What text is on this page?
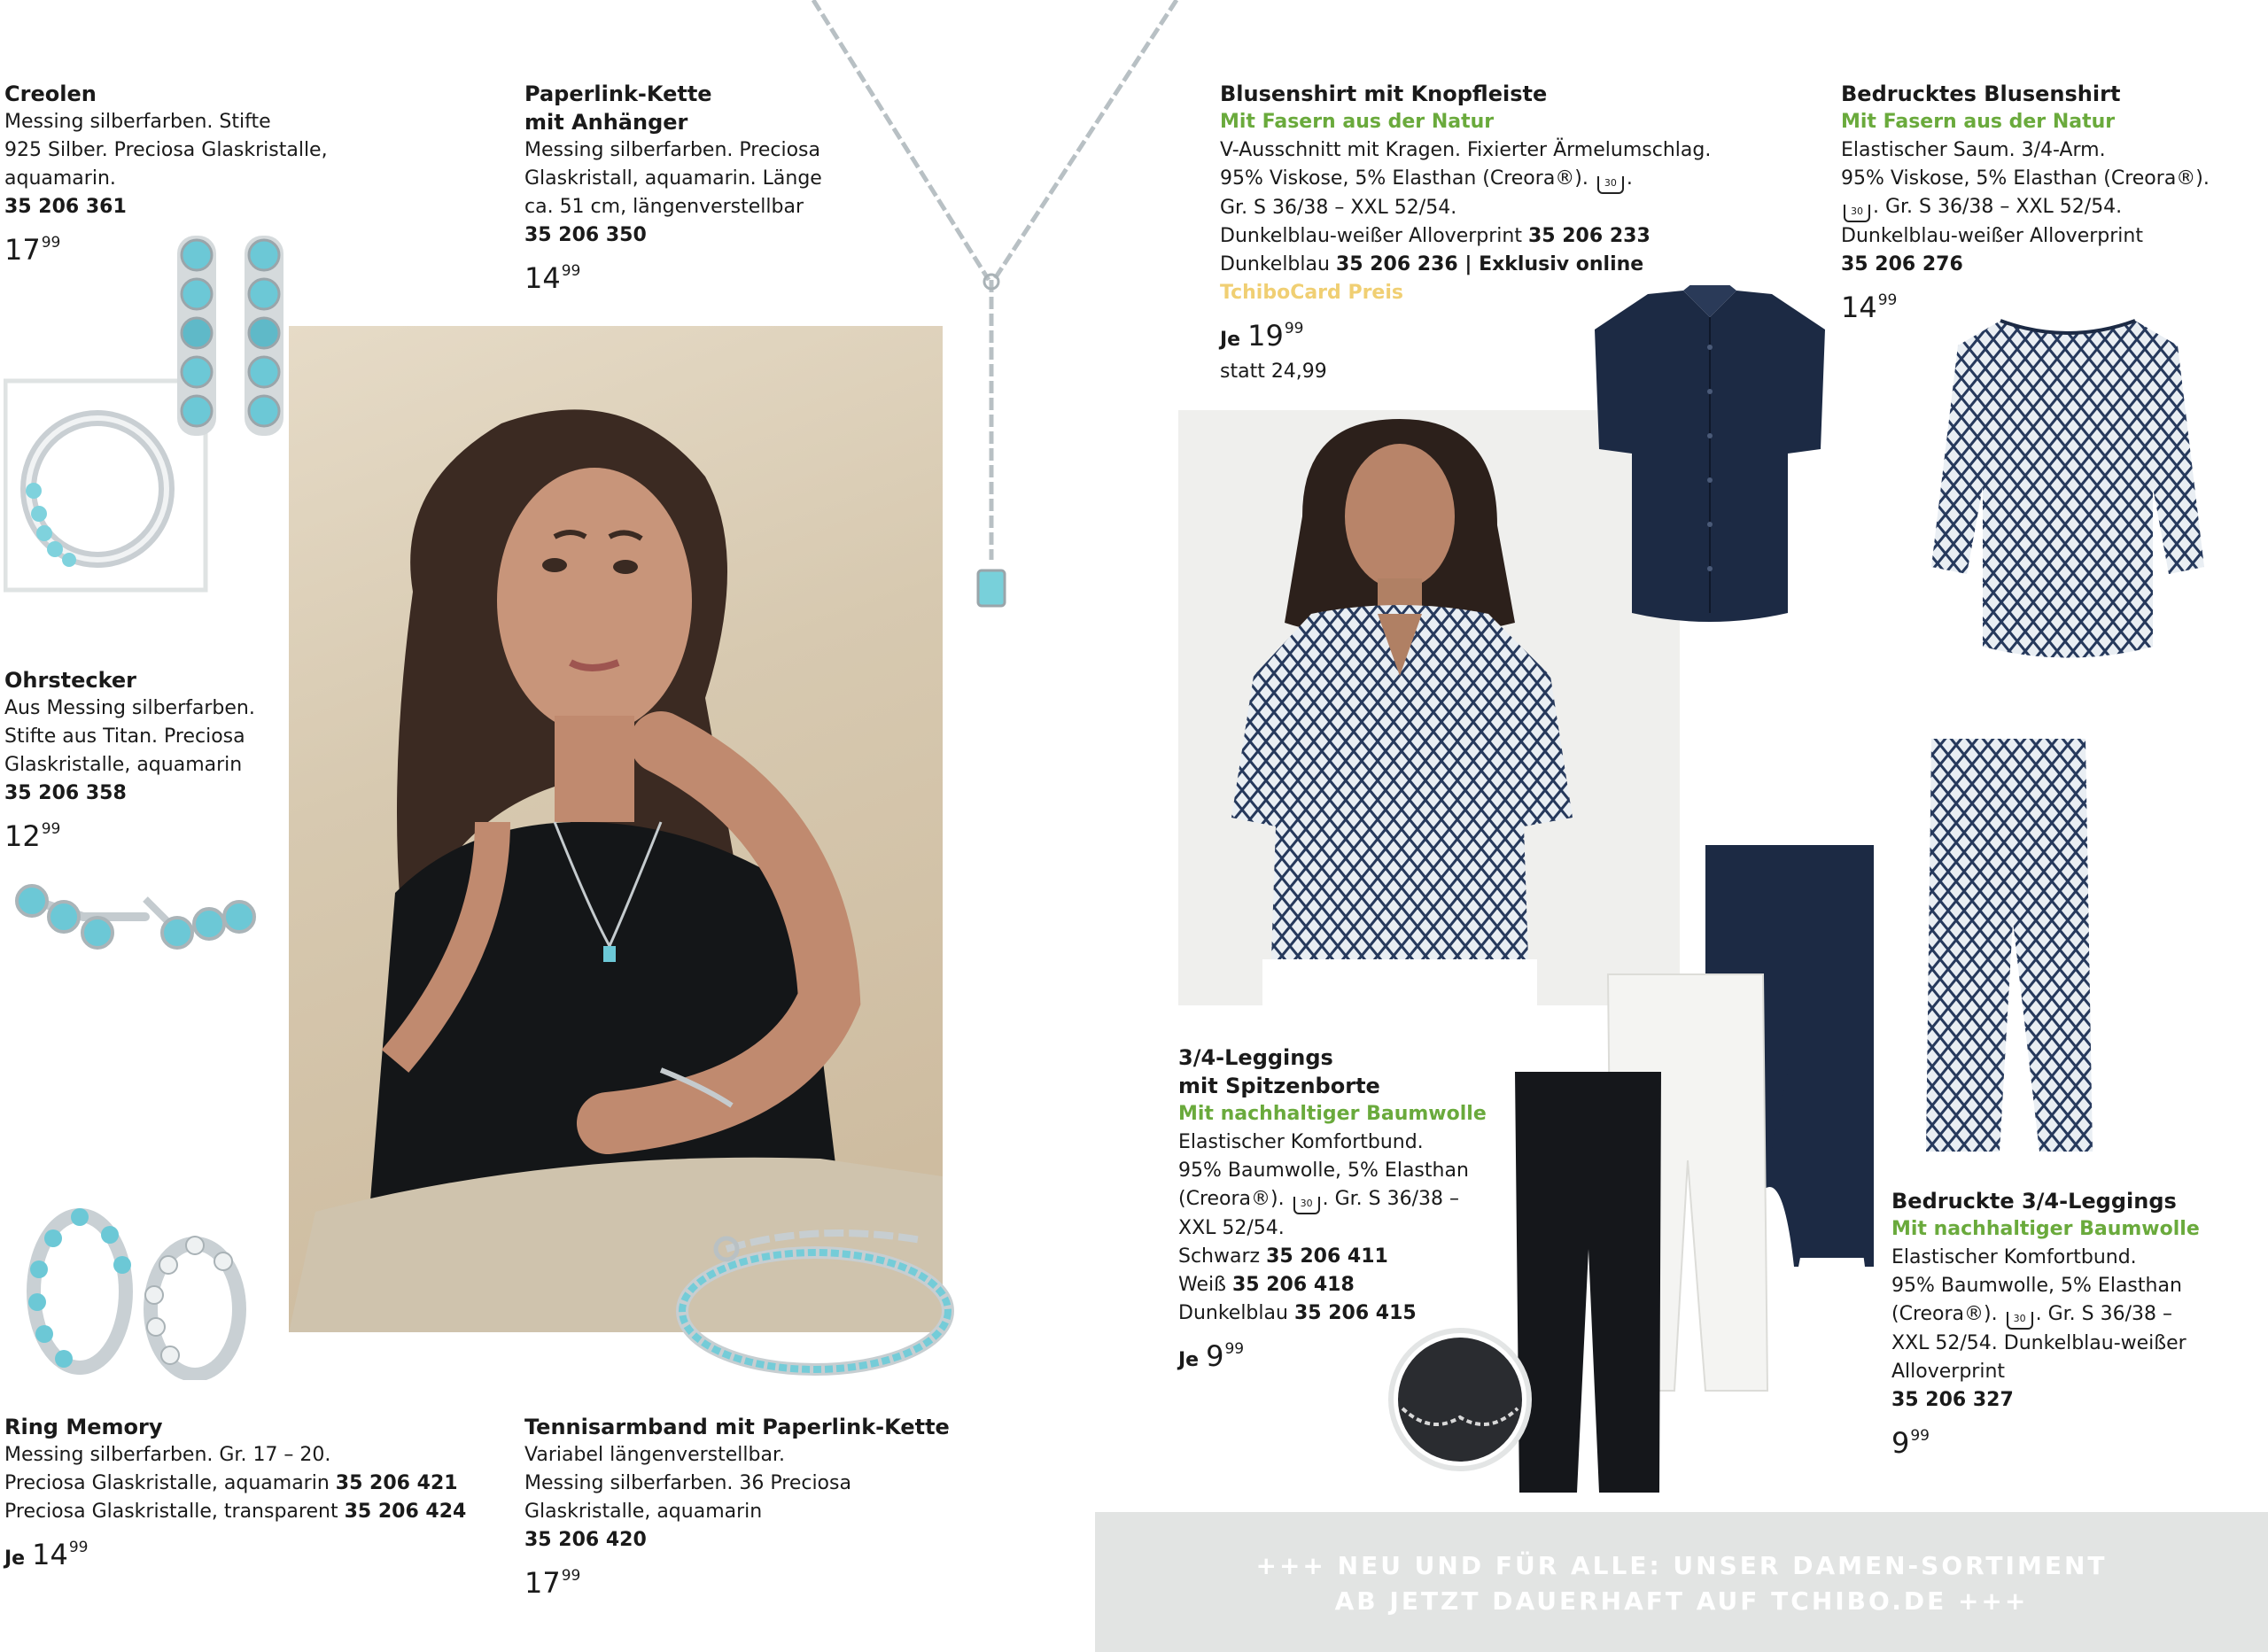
Creolen
Messing silberfarben. Stifte
925 Silber. Preciosa Glaskristalle,
aquamarin.
35 206 361
$17^{99}$
Ohrstecker
Aus Messing silberfarben.
Stifte aus Titan. Preciosa
Glaskristalle, aquamarin
35 206 358
$12^{99}$
Ring Memory
Messing silberfarben. Gr. 17 – 20.
Preciosa Glaskristalle, aquamarin 35 206 421
Preciosa Glaskristalle, transparent 35 206 424
Je $14^{99}$
Paperlink-Kette
mit Anhänger
Messing silberfarben. Preciosa
Glaskristall, aquamarin. Länge
ca. 51 cm, längenverstellbar
35 206 350
$14^{99}$
Tennisarmband mit Paperlink-Kette
Variabel längenverstellbar.
Messing silberfarben. 36 Preciosa
Glaskristalle, aquamarin
35 206 420
$17^{99}$
Blusenshirt mit Knopfleiste
Mit Fasern aus der Natur
V-Ausschnitt mit Kragen. Fixierter Ärmelumschlag.
95% Viskose, 5% Elasthan (Creora®). 30 .
Gr. S 36/38 – XXL 52/54.
Dunkelblau-weißer Alloverprint 35 206 233
Dunkelblau 35 206 236 | Exklusiv online
TchiboCard Preis
Je $19^{99}$
statt 24,99
Bedrucktes Blusenshirt
Mit Fasern aus der Natur
Elastischer Saum. 3/4-Arm.
95% Viskose, 5% Elasthan (Creora®).
30 . Gr. S 36/38 – XXL 52/54.
Dunkelblau-weißer Alloverprint
35 206 276
$14^{99}$
3/4-Leggings
mit Spitzenborte
Mit nachhaltiger Baumwolle
Elastischer Komfortbund.
95% Baumwolle, 5% Elasthan
(Creora®). 30 . Gr. S 36/38 –
XXL 52/54.
Schwarz 35 206 411
Weiß 35 206 418
Dunkelblau 35 206 415
Je $9^{99}$
Bedruckte 3/4-Leggings
Mit nachhaltiger Baumwolle
Elastischer Komfortbund.
95% Baumwolle, 5% Elasthan
(Creora®). 30 . Gr. S 36/38 –
XXL 52/54. Dunkelblau-weißer
Alloverprint
35 206 327
$9^{99}$
+++ NEU UND FÜR ALLE: UNSER DAMEN-SORTIMENT
AB JETZT DAUERHAFT AUF TCHIBO.DE +++
